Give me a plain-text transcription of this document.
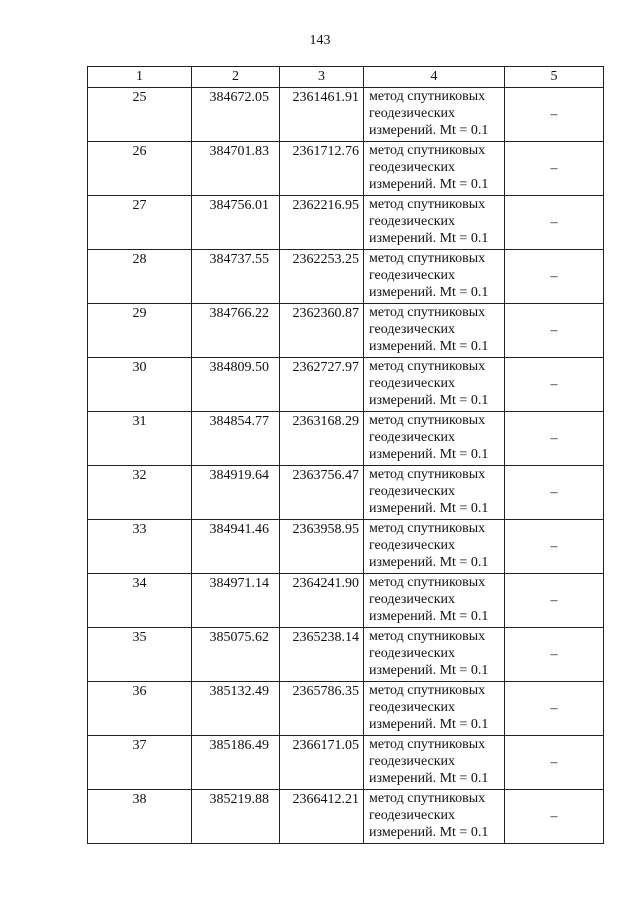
143
1	2	3	4	5
25	384672.05	2361461.91	метод спутниковых геодезических измерений. Mt = 0.1	–
26	384701.83	2361712.76	метод спутниковых геодезических измерений. Mt = 0.1	–
27	384756.01	2362216.95	метод спутниковых геодезических измерений. Mt = 0.1	–
28	384737.55	2362253.25	метод спутниковых геодезических измерений. Mt = 0.1	–
29	384766.22	2362360.87	метод спутниковых геодезических измерений. Mt = 0.1	–
30	384809.50	2362727.97	метод спутниковых геодезических измерений. Mt = 0.1	–
31	384854.77	2363168.29	метод спутниковых геодезических измерений. Mt = 0.1	–
32	384919.64	2363756.47	метод спутниковых геодезических измерений. Mt = 0.1	–
33	384941.46	2363958.95	метод спутниковых геодезических измерений. Mt = 0.1	–
34	384971.14	2364241.90	метод спутниковых геодезических измерений. Mt = 0.1	–
35	385075.62	2365238.14	метод спутниковых геодезических измерений. Mt = 0.1	–
36	385132.49	2365786.35	метод спутниковых геодезических измерений. Mt = 0.1	–
37	385186.49	2366171.05	метод спутниковых геодезических измерений. Mt = 0.1	–
38	385219.88	2366412.21	метод спутниковых геодезических измерений. Mt = 0.1	–
